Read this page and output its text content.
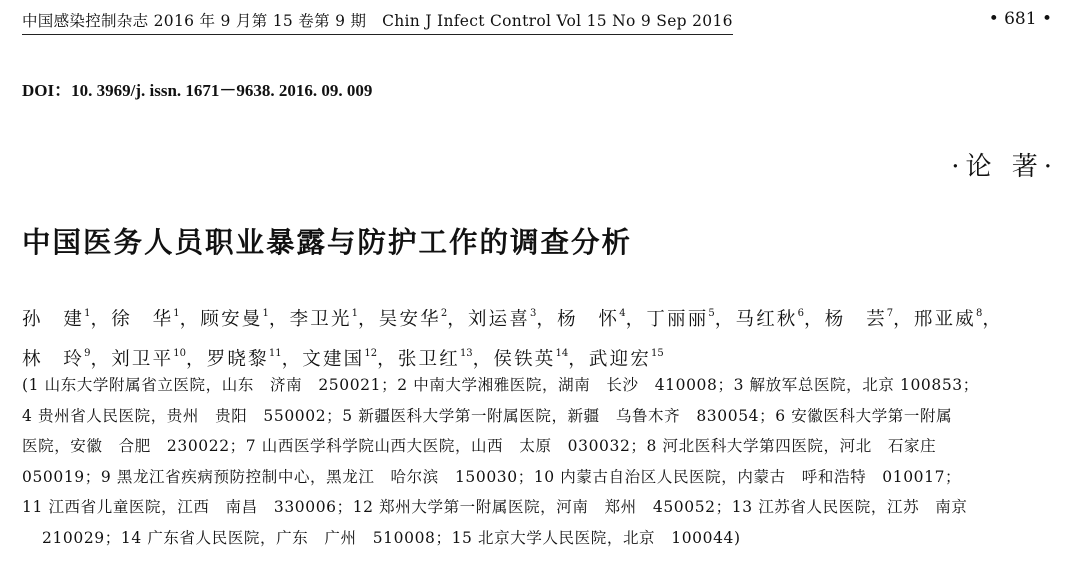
中国感染控制杂志 2016 年 9 月第 15 卷第 9 期　Chin J Infect Control Vol 15 No 9 Sep 2016	• 681 •
DOI：10. 3969/j. issn. 1671－9638. 2016. 09. 009
·论 著·
中国医务人员职业暴露与防护工作的调查分析
孙　建$^1$，徐　华$^1$，顾安曼$^1$，李卫光$^1$，吴安华$^2$，刘运喜$^3$，杨　怀$^4$，丁丽丽$^5$，马红秋$^6$，杨　芸$^7$，邢亚威$^8$，
林　玲$^9$，刘卫平$^{10}$，罗晓黎$^{11}$，文建国$^{12}$，张卫红$^{13}$，侯铁英$^{14}$，武迎宏$^{15}$
(1 山东大学附属省立医院，山东　济南　250021；2 中南大学湘雅医院，湖南　长沙　410008；3 解放军总医院，北京 100853；
4 贵州省人民医院，贵州　贵阳　550002；5 新疆医科大学第一附属医院，新疆　乌鲁木齐　830054；6 安徽医科大学第一附属
医院，安徽　合肥　230022；7 山西医学科学院山西大医院，山西　太原　030032；8 河北医科大学第四医院，河北　石家庄
050019；9 黑龙江省疾病预防控制中心，黑龙江　哈尔滨　150030；10 内蒙古自治区人民医院，内蒙古　呼和浩特　010017；
11 江西省儿童医院，江西　南昌　330006；12 郑州大学第一附属医院，河南　郑州　450052；13 江苏省人民医院，江苏　南京
210029；14 广东省人民医院，广东　广州　510008；15 北京大学人民医院，北京　100044)
